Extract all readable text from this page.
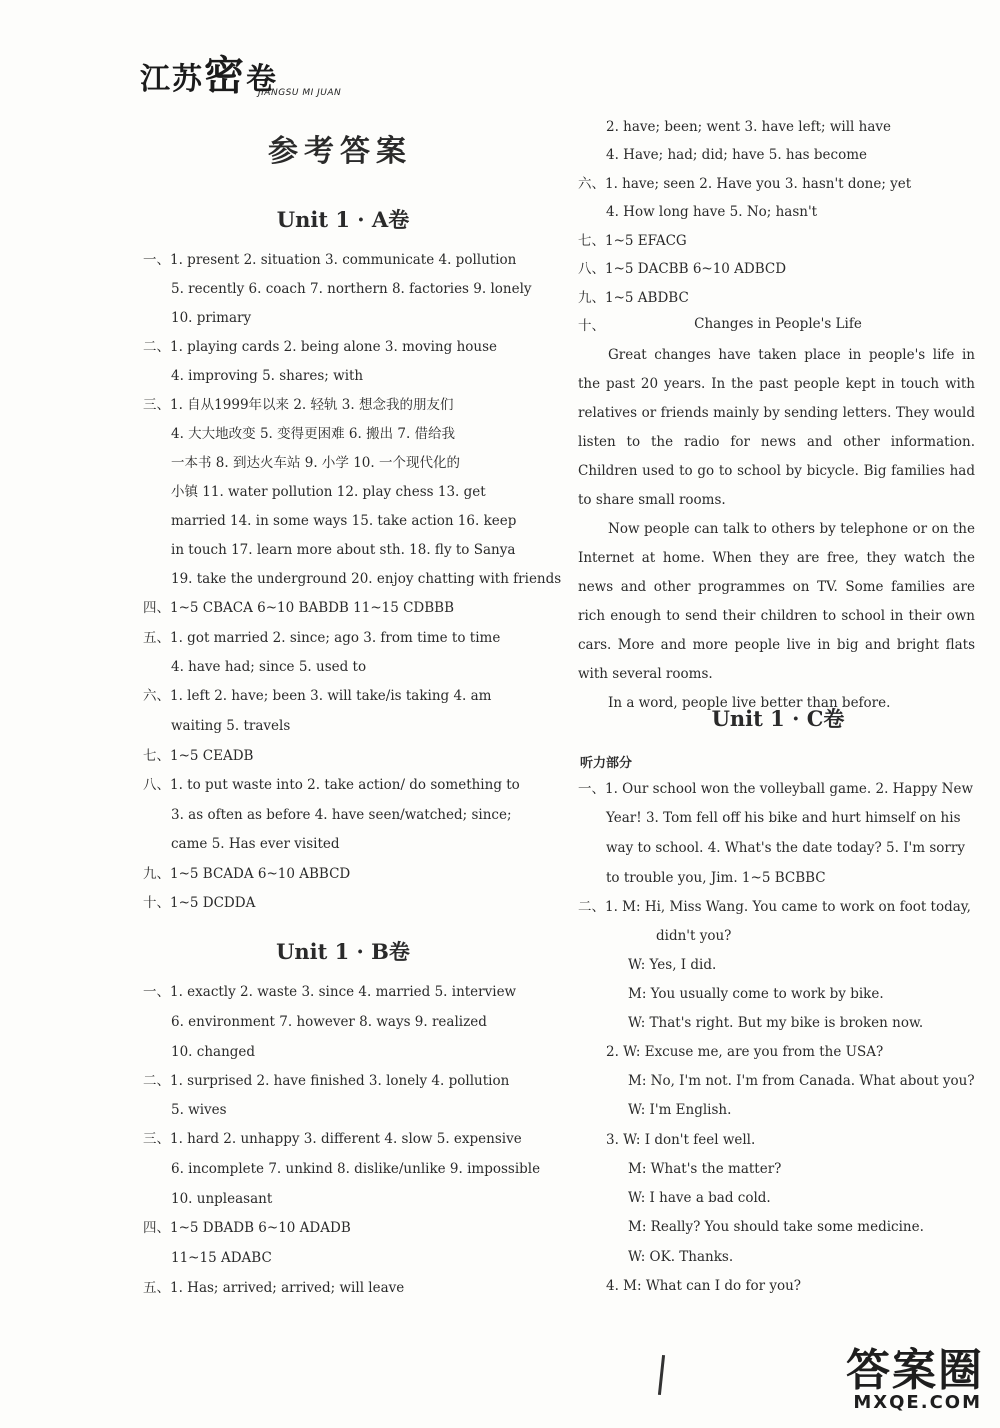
江苏密卷
JIANGSU MI JUAN
参考答案
Unit 1 · A卷
一、1. present 2. situation 3. communicate 4. pollution
5. recently 6. coach 7. northern 8. factories 9. lonely
10. primary
二、1. playing cards 2. being alone 3. moving house
4. improving 5. shares; with
三、1. 自从1999年以来 2. 轻轨 3. 想念我的朋友们
4. 大大地改变 5. 变得更困难 6. 搬出 7. 借给我
一本书 8. 到达火车站 9. 小学 10. 一个现代化的
小镇 11. water pollution 12. play chess 13. get
married 14. in some ways 15. take action 16. keep
in touch 17. learn more about sth. 18. fly to Sanya
19. take the underground 20. enjoy chatting with friends
四、1~5 CBACA 6~10 BABDB 11~15 CDBBB
五、1. got married 2. since; ago 3. from time to time
4. have had; since 5. used to
六、1. left 2. have; been 3. will take/is taking 4. am
waiting 5. travels
七、1~5 CEADB
八、1. to put waste into 2. take action/ do something to
3. as often as before 4. have seen/watched; since;
came 5. Has ever visited
九、1~5 BCADA 6~10 ABBCD
十、1~5 DCDDA
Unit 1 · B卷
一、1. exactly 2. waste 3. since 4. married 5. interview
6. environment 7. however 8. ways 9. realized
10. changed
二、1. surprised 2. have finished 3. lonely 4. pollution
5. wives
三、1. hard 2. unhappy 3. different 4. slow 5. expensive
6. incomplete 7. unkind 8. dislike/unlike 9. impossible
10. unpleasant
四、1~5 DBADB 6~10 ADADB
11~15 ADABC
五、1. Has; arrived; arrived; will leave
2. have; been; went 3. have left; will have
4. Have; had; did; have 5. has become
六、1. have; seen 2. Have you 3. hasn't done; yet
4. How long have 5. No; hasn't
七、1~5 EFACG
八、1~5 DACBB 6~10 ADBCD
九、1~5 ABDBC
十、
一、1. Our school won the volleyball game. 2. Happy New
Year! 3. Tom fell off his bike and hurt himself on his
way to school. 4. What's the date today? 5. I'm sorry
to trouble you, Jim. 1~5 BCBBC
二、1. M: Hi, Miss Wang. You came to work on foot today,
didn't you?
W: Yes, I did.
M: You usually come to work by bike.
W: That's right. But my bike is broken now.
2. W: Excuse me, are you from the USA?
M: No, I'm not. I'm from Canada. What about you?
W: I'm English.
3. W: I don't feel well.
M: What's the matter?
W: I have a bad cold.
M: Really? You should take some medicine.
W: OK. Thanks.
4. M: What can I do for you?
Changes in People's Life

Great changes have taken place in people's life in the past 20 years. In the past people kept in touch with relatives or friends mainly by sending letters. They would listen to the radio for news and other information. Children used to go to school by bicycle. Big families had to share small rooms.

Now people can talk to others by telephone or on the Internet at home. When they are free, they watch the news and other programmes on TV. Some families are rich enough to send their children to school in their own cars. More and more people live in big and bright flats with several rooms.

In a word, people live better than before.

Unit 1 · C卷
听力部分
答案圈
MXQE.COM
